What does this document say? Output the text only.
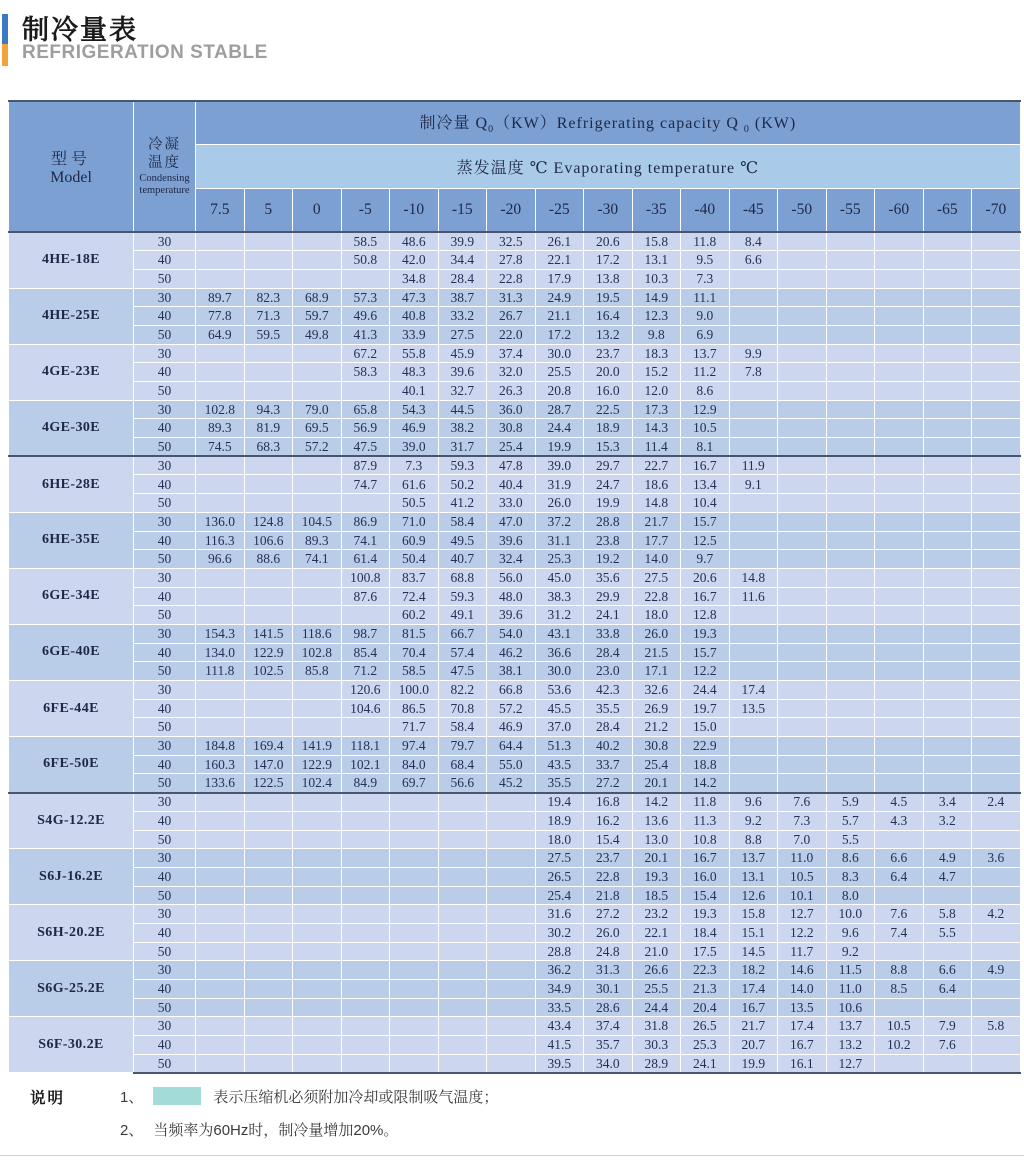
制冷量表
REFRIGERATION STABLE
型号
Model

冷凝
温度
Condensing
temperature
	制冷量 $Q_0(KW)Refrigerating$ capacity Q $_0$ (KW)
		蒸发温度 ℃ Evaporating temperature ℃																
		7.5	5	0	-5	-10	-15	-20	-25	-30	-35	-40	-45	-50	-55	-60	-65	-70
4HE-18E	30				58.5	48.6	39.9	32.5	26.1	20.6	15.8	11.8	8.4					
	40				50.8	42.0	34.4	27.8	22.1	17.2	13.1	9.5	6.6					
	50					34.8	28.4	22.8	17.9	13.8	10.3	7.3						
4HE-25E	30	89.7	82.3	68.9	57.3	47.3	38.7	31.3	24.9	19.5	14.9	11.1						
	40	77.8	71.3	59.7	49.6	40.8	33.2	26.7	21.1	16.4	12.3	9.0						
	50	64.9	59.5	49.8	41.3	33.9	27.5	22.0	17.2	13.2	9.8	6.9						
4GE-23E	30				67.2	55.8	45.9	37.4	30.0	23.7	18.3	13.7	9.9					
	40				58.3	48.3	39.6	32.0	25.5	20.0	15.2	11.2	7.8					
	50					40.1	32.7	26.3	20.8	16.0	12.0	8.6						
4GE-30E	30	102.8	94.3	79.0	65.8	54.3	44.5	36.0	28.7	22.5	17.3	12.9						
	40	89.3	81.9	69.5	56.9	46.9	38.2	30.8	24.4	18.9	14.3	10.5						
	50	74.5	68.3	57.2	47.5	39.0	31.7	25.4	19.9	15.3	11.4	8.1						
6HE-28E	30				87.9	7.3	59.3	47.8	39.0	29.7	22.7	16.7	11.9					
	40				74.7	61.6	50.2	40.4	31.9	24.7	18.6	13.4	9.1					
	50					50.5	41.2	33.0	26.0	19.9	14.8	10.4						
6HE-35E	30	136.0	124.8	104.5	86.9	71.0	58.4	47.0	37.2	28.8	21.7	15.7						
	40	116.3	106.6	89.3	74.1	60.9	49.5	39.6	31.1	23.8	17.7	12.5						
	50	96.6	88.6	74.1	61.4	50.4	40.7	32.4	25.3	19.2	14.0	9.7						
6GE-34E	30				100.8	83.7	68.8	56.0	45.0	35.6	27.5	20.6	14.8					
	40				87.6	72.4	59.3	48.0	38.3	29.9	22.8	16.7	11.6					
	50					60.2	49.1	39.6	31.2	24.1	18.0	12.8						
6GE-40E	30	154.3	141.5	118.6	98.7	81.5	66.7	54.0	43.1	33.8	26.0	19.3						
	40	134.0	122.9	102.8	85.4	70.4	57.4	46.2	36.6	28.4	21.5	15.7						
	50	111.8	102.5	85.8	71.2	58.5	47.5	38.1	30.0	23.0	17.1	12.2						
6FE-44E	30				120.6	100.0	82.2	66.8	53.6	42.3	32.6	24.4	17.4					
	40				104.6	86.5	70.8	57.2	45.5	35.5	26.9	19.7	13.5					
	50					71.7	58.4	46.9	37.0	28.4	21.2	15.0						
6FE-50E	30	184.8	169.4	141.9	118.1	97.4	79.7	64.4	51.3	40.2	30.8	22.9						
	40	160.3	147.0	122.9	102.1	84.0	68.4	55.0	43.5	33.7	25.4	18.8						
	50	133.6	122.5	102.4	84.9	69.7	56.6	45.2	35.5	27.2	20.1	14.2						
S4G-12.2E	30								19.4	16.8	14.2	11.8	9.6	7.6	5.9	4.5	3.4	2.4
	40								18.9	16.2	13.6	11.3	9.2	7.3	5.7	4.3	3.2	
	50								18.0	15.4	13.0	10.8	8.8	7.0	5.5			
S6J-16.2E	30								27.5	23.7	20.1	16.7	13.7	11.0	8.6	6.6	4.9	3.6
	40								26.5	22.8	19.3	16.0	13.1	10.5	8.3	6.4	4.7	
	50								25.4	21.8	18.5	15.4	12.6	10.1	8.0			
S6H-20.2E	30								31.6	27.2	23.2	19.3	15.8	12.7	10.0	7.6	5.8	4.2
	40								30.2	26.0	22.1	18.4	15.1	12.2	9.6	7.4	5.5	
	50								28.8	24.8	21.0	17.5	14.5	11.7	9.2			
S6G-25.2E	30								36.2	31.3	26.6	22.3	18.2	14.6	11.5	8.8	6.6	4.9
	40								34.9	30.1	25.5	21.3	17.4	14.0	11.0	8.5	6.4	
	50								33.5	28.6	24.4	20.4	16.7	13.5	10.6			
S6F-30.2E	30								43.4	37.4	31.8	26.5	21.7	17.4	13.7	10.5	7.9	5.8
	40								41.5	35.7	30.3	25.3	20.7	16.7	13.2	10.2	7.6	
	50								39.5	34.0	28.9	24.1	19.9	16.1	12.7			
说明	1、	表示压缩机必须附加冷却或限制吸气温度；
2、 当频率为60Hz时，制冷量增加20%。
